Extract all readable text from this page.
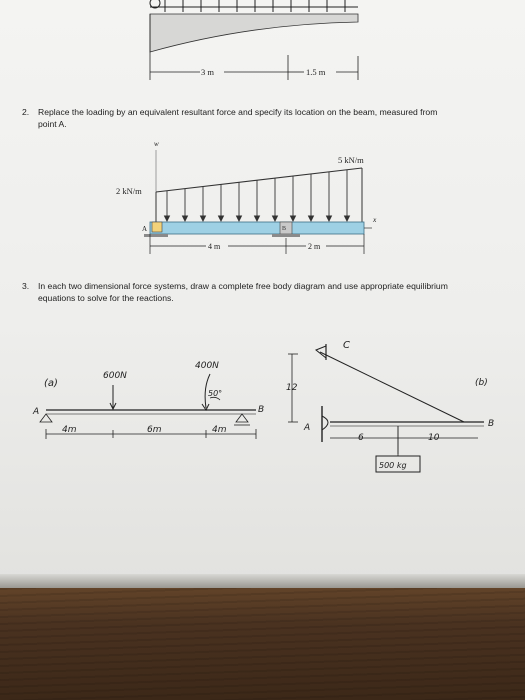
3 m	1.5 m
2. Replace the loading by an equivalent resultant force and specify its location on the beam, measured from point A.
w
2 kN/m
5 kN/m
x
A	B
4 m	2 m
3. In each two dimensional force systems, draw a complete free body diagram and use appropriate equilibrium equations to solve for the reactions.
(a)
600N
400N
50°
A	B
4m	6m	4m
C
(b)
12
A	B
6	10
500 kg
